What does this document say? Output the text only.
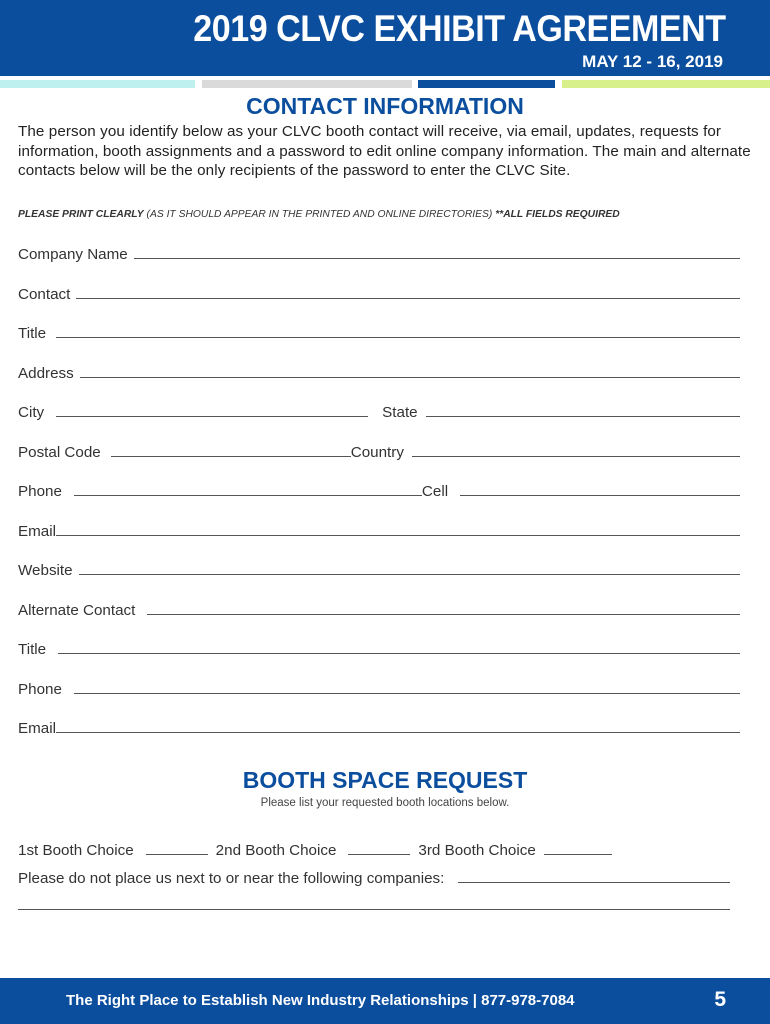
2019 CLVC EXHIBIT AGREEMENT
MAY 12 - 16, 2019
CONTACT INFORMATION
The person you identify below as your CLVC booth contact will receive, via email, updates, requests for information, booth assignments and a password to edit online company information. The main and alternate contacts below will be the only recipients of the password to enter the CLVC Site.
PLEASE PRINT CLEARLY (AS IT SHOULD APPEAR IN THE PRINTED AND ONLINE DIRECTORIES) **ALL FIELDS REQUIRED
Company Name
Contact
Title
Address
City	State
Postal Code	Country
Phone	Cell
Email
Website
Alternate Contact
Title
Phone
Email
BOOTH SPACE REQUEST
Please list your requested booth locations below.
1st Booth Choice	2nd Booth Choice	3rd Booth Choice
Please do not place us next to or near the following companies:
The Right Place to Establish New Industry Relationships | 877-978-7084	5
